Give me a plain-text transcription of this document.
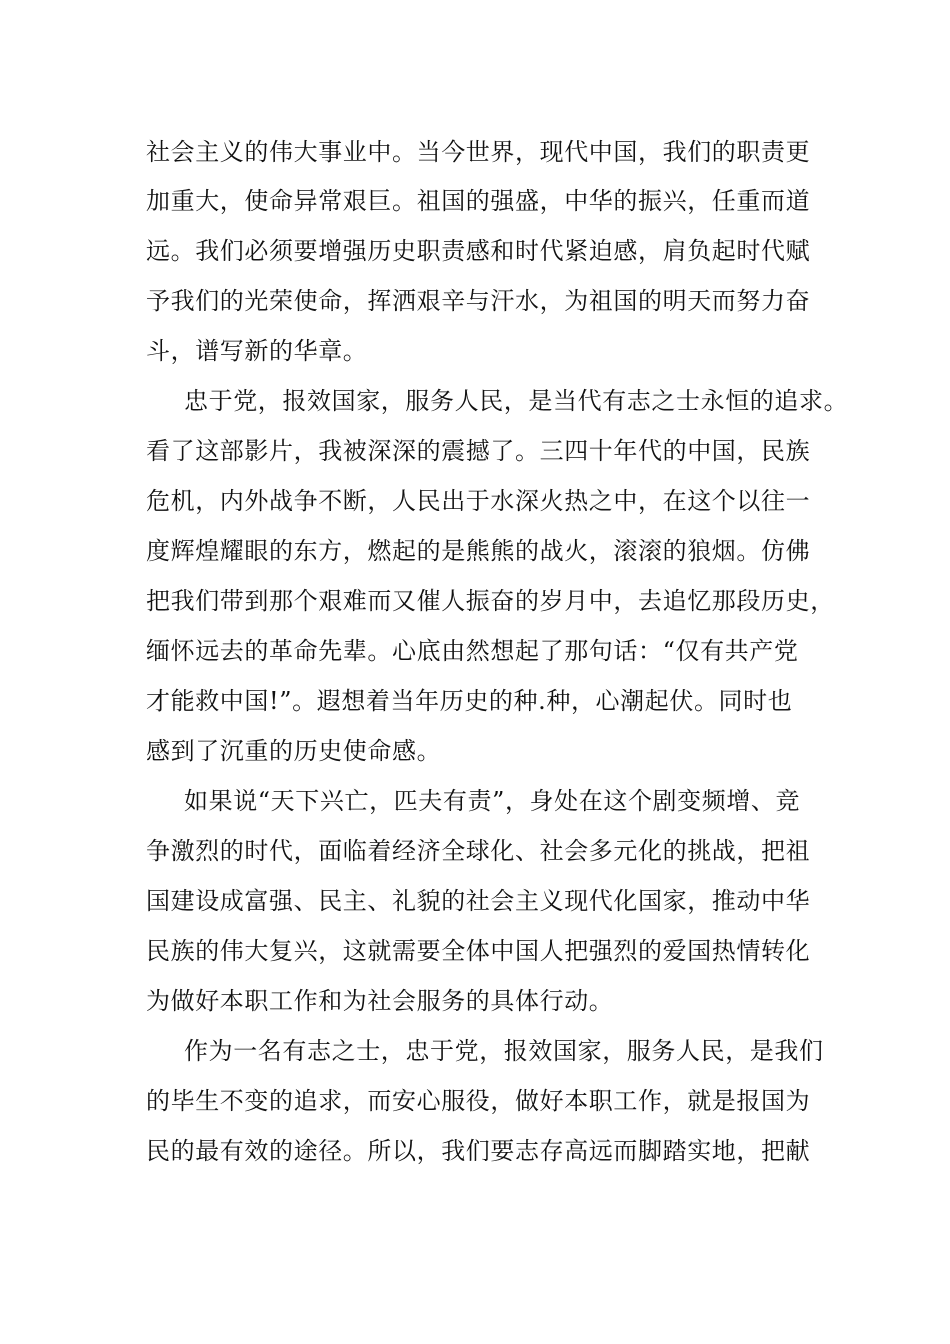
社会主义的伟大事业中。当今世界，现代中国，我们的职责更
加重大，使命异常艰巨。祖国的强盛，中华的振兴，任重而道
远。我们必须要增强历史职责感和时代紧迫感，肩负起时代赋
予我们的光荣使命，挥洒艰辛与汗水，为祖国的明天而努力奋
斗，谱写新的华章。
忠于党，报效国家，服务人民，是当代有志之士永恒的追求。
看了这部影片，我被深深的震撼了。三四十年代的中国，民族
危机，内外战争不断，人民出于水深火热之中，在这个以往一
度辉煌耀眼的东方，燃起的是熊熊的战火，滚滚的狼烟。仿佛
把我们带到那个艰难而又催人振奋的岁月中，去追忆那段历史，
缅怀远去的革命先辈。心底由然想起了那句话：“仅有共产党
才能救中国!”。遐想着当年历史的种.种，心潮起伏。同时也
感到了沉重的历史使命感。
如果说“天下兴亡，匹夫有责”，身处在这个剧变频增、竞
争激烈的时代，面临着经济全球化、社会多元化的挑战，把祖
国建设成富强、民主、礼貌的社会主义现代化国家，推动中华
民族的伟大复兴，这就需要全体中国人把强烈的爱国热情转化
为做好本职工作和为社会服务的具体行动。
作为一名有志之士，忠于党，报效国家，服务人民，是我们
的毕生不变的追求，而安心服役，做好本职工作，就是报国为
民的最有效的途径。所以，我们要志存高远而脚踏实地，把献
